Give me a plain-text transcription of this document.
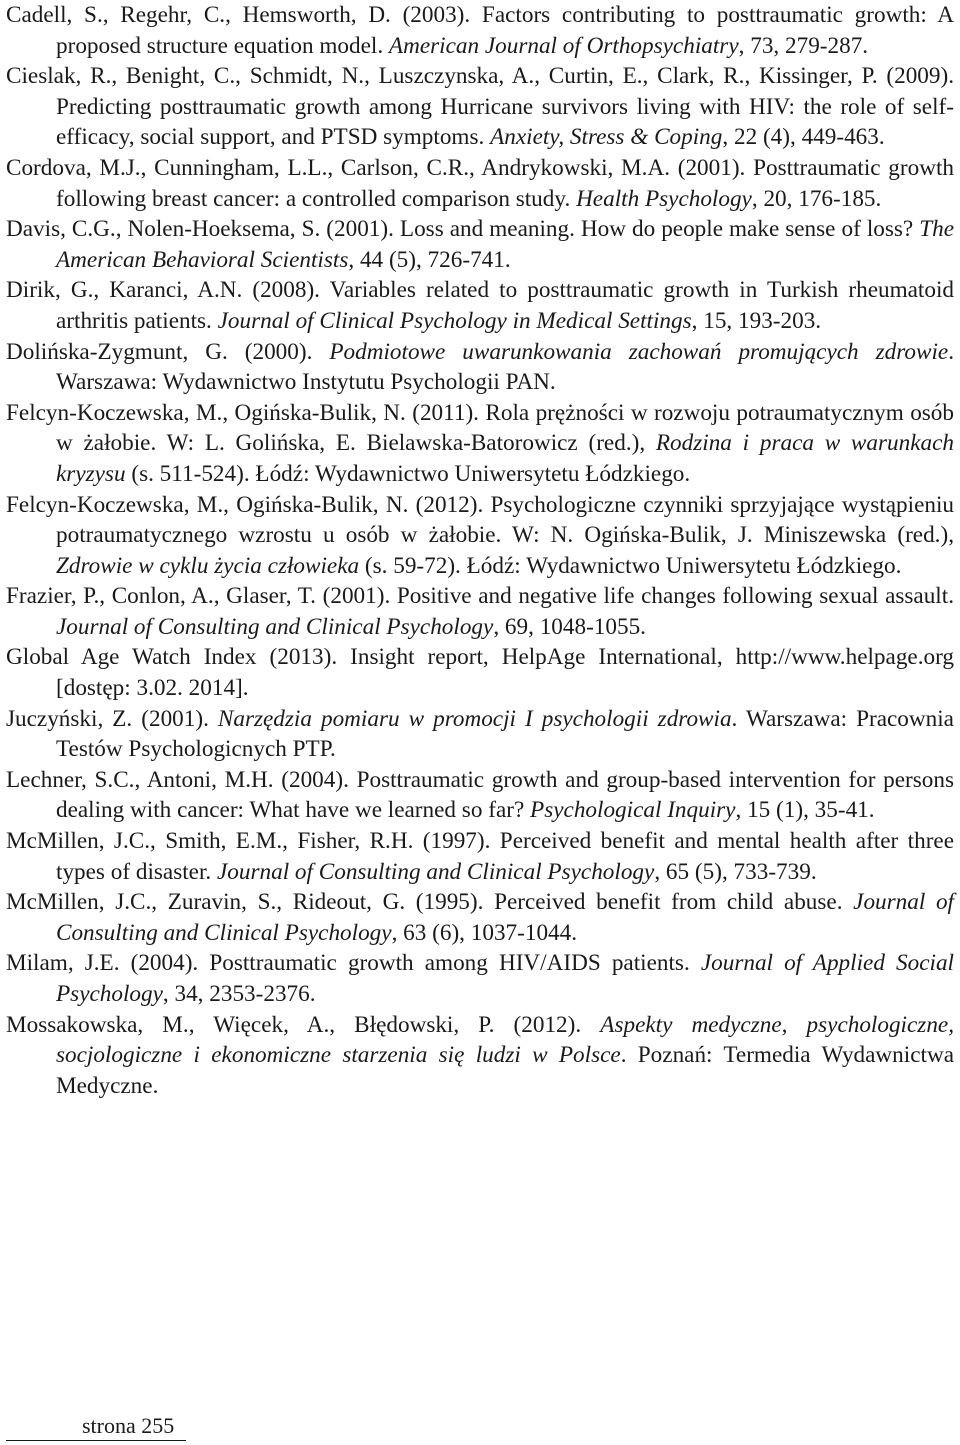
Cadell, S., Regehr, C., Hemsworth, D. (2003). Factors contributing to posttraumatic growth: A proposed structure equation model. American Journal of Orthopsychiatry, 73, 279-287.

Cieslak, R., Benight, C., Schmidt, N., Luszczynska, A., Curtin, E., Clark, R., Kissinger, P. (2009). Predicting posttraumatic growth among Hurricane survivors living with HIV: the role of self-efficacy, social support, and PTSD symptoms. Anxiety, Stress & Coping, 22 (4), 449-463.

Cordova, M.J., Cunningham, L.L., Carlson, C.R., Andrykowski, M.A. (2001). Posttraumatic growth following breast cancer: a controlled comparison study. Health Psychology, 20, 176-185.

Davis, C.G., Nolen-Hoeksema, S. (2001). Loss and meaning. How do people make sense of loss? The American Behavioral Scientists, 44 (5), 726-741.

Dirik, G., Karanci, A.N. (2008). Variables related to posttraumatic growth in Turkish rheumatoid arthritis patients. Journal of Clinical Psychology in Medical Settings, 15, 193-203.

Dolińska-Zygmunt, G. (2000). Podmiotowe uwarunkowania zachowań promujących zdrowie. Warszawa: Wydawnictwo Instytutu Psychologii PAN.

Felcyn-Koczewska, M., Ogińska-Bulik, N. (2011). Rola prężności w rozwoju potraumatycznym osób w żałobie. W: L. Golińska, E. Bielawska-Batorowicz (red.), Rodzina i praca w warunkach kryzysu (s. 511-524). Łódź: Wydawnictwo Uniwersytetu Łódzkiego.

Felcyn-Koczewska, M., Ogińska-Bulik, N. (2012). Psychologiczne czynniki sprzyjające wystąpieniu potraumatycznego wzrostu u osób w żałobie. W: N. Ogińska-Bulik, J. Miniszewska (red.), Zdrowie w cyklu życia człowieka (s. 59-72). Łódź: Wydawnictwo Uniwersytetu Łódzkiego.

Frazier, P., Conlon, A., Glaser, T. (2001). Positive and negative life changes following sexual assault. Journal of Consulting and Clinical Psychology, 69, 1048-1055.

Global Age Watch Index (2013). Insight report, HelpAge International, http://www.helpage.org [dostęp: 3.02. 2014].

Juczyński, Z. (2001). Narzędzia pomiaru w promocji I psychologii zdrowia. Warszawa: Pracownia Testów Psychologicnych PTP.

Lechner, S.C., Antoni, M.H. (2004). Posttraumatic growth and group-based intervention for persons dealing with cancer: What have we learned so far? Psychological Inquiry, 15 (1), 35-41.

McMillen, J.C., Smith, E.M., Fisher, R.H. (1997). Perceived benefit and mental health after three types of disaster. Journal of Consulting and Clinical Psychology, 65 (5), 733-739.

McMillen, J.C., Zuravin, S., Rideout, G. (1995). Perceived benefit from child abuse. Journal of Consulting and Clinical Psychology, 63 (6), 1037-1044.

Milam, J.E. (2004). Posttraumatic growth among HIV/AIDS patients. Journal of Applied Social Psychology, 34, 2353-2376.

Mossakowska, M., Więcek, A., Błędowski, P. (2012). Aspekty medyczne, psychologiczne, socjologiczne i ekonomiczne starzenia się ludzi w Polsce. Poznań: Termedia Wydawnictwa Medyczne.

strona 255
